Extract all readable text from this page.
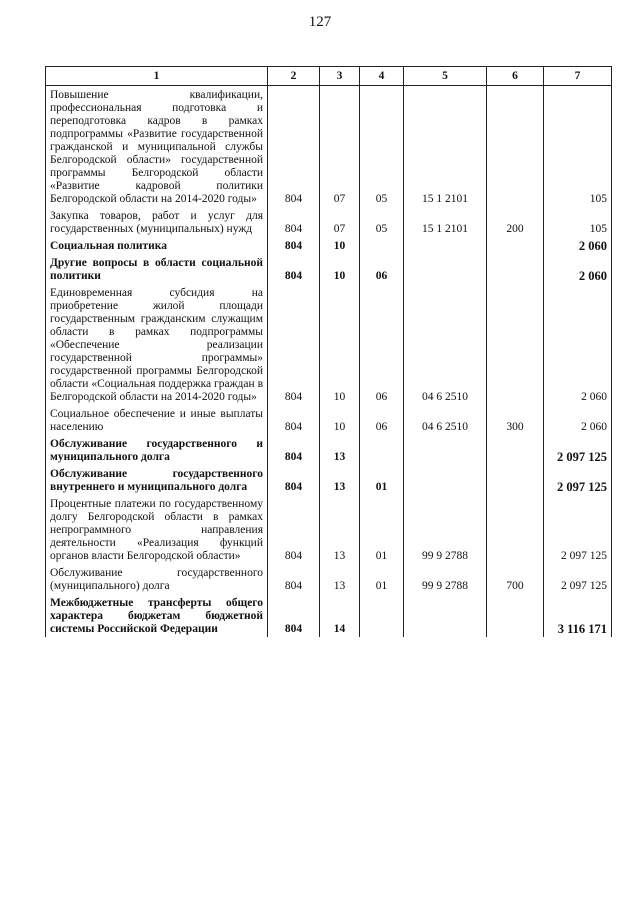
127
1	2	3	4	5	6	7
Повышение квалификации, профессиональная подготовка и переподготовка кадров в рамках подпрограммы «Развитие государственной гражданской и муниципальной службы Белгородской области» государственной программы Белгородской области «Развитие кадровой политики Белгородской области на 2014-2020 годы»	804	07	05	15 1 2101		105
Закупка товаров, работ и услуг для государственных (муниципальных) нужд	804	07	05	15 1 2101	200	105
Социальная политика	804	10				2 060
Другие вопросы в области социальной политики	804	10	06			2 060
Единовременная субсидия на приобретение жилой площади государственным гражданским служащим области в рамках подпрограммы «Обеспечение реализации государственной программы» государственной программы Белгородской области «Социальная поддержка граждан в Белгородской области на 2014-2020 годы»	804	10	06	04 6 2510		2 060
Социальное обеспечение и иные выплаты населению	804	10	06	04 6 2510	300	2 060
Обслуживание государственного и муниципального долга	804	13				2 097 125
Обслуживание государственного внутреннего и муниципального долга	804	13	01			2 097 125
Процентные платежи по государственному долгу Белгородской области в рамках непрограммного направления деятельности «Реализация функций органов власти Белгородской области»	804	13	01	99 9 2788		2 097 125
Обслуживание государственного (муниципального) долга	804	13	01	99 9 2788	700	2 097 125
Межбюджетные трансферты общего характера бюджетам бюджетной системы Российской Федерации	804	14				3 116 171
